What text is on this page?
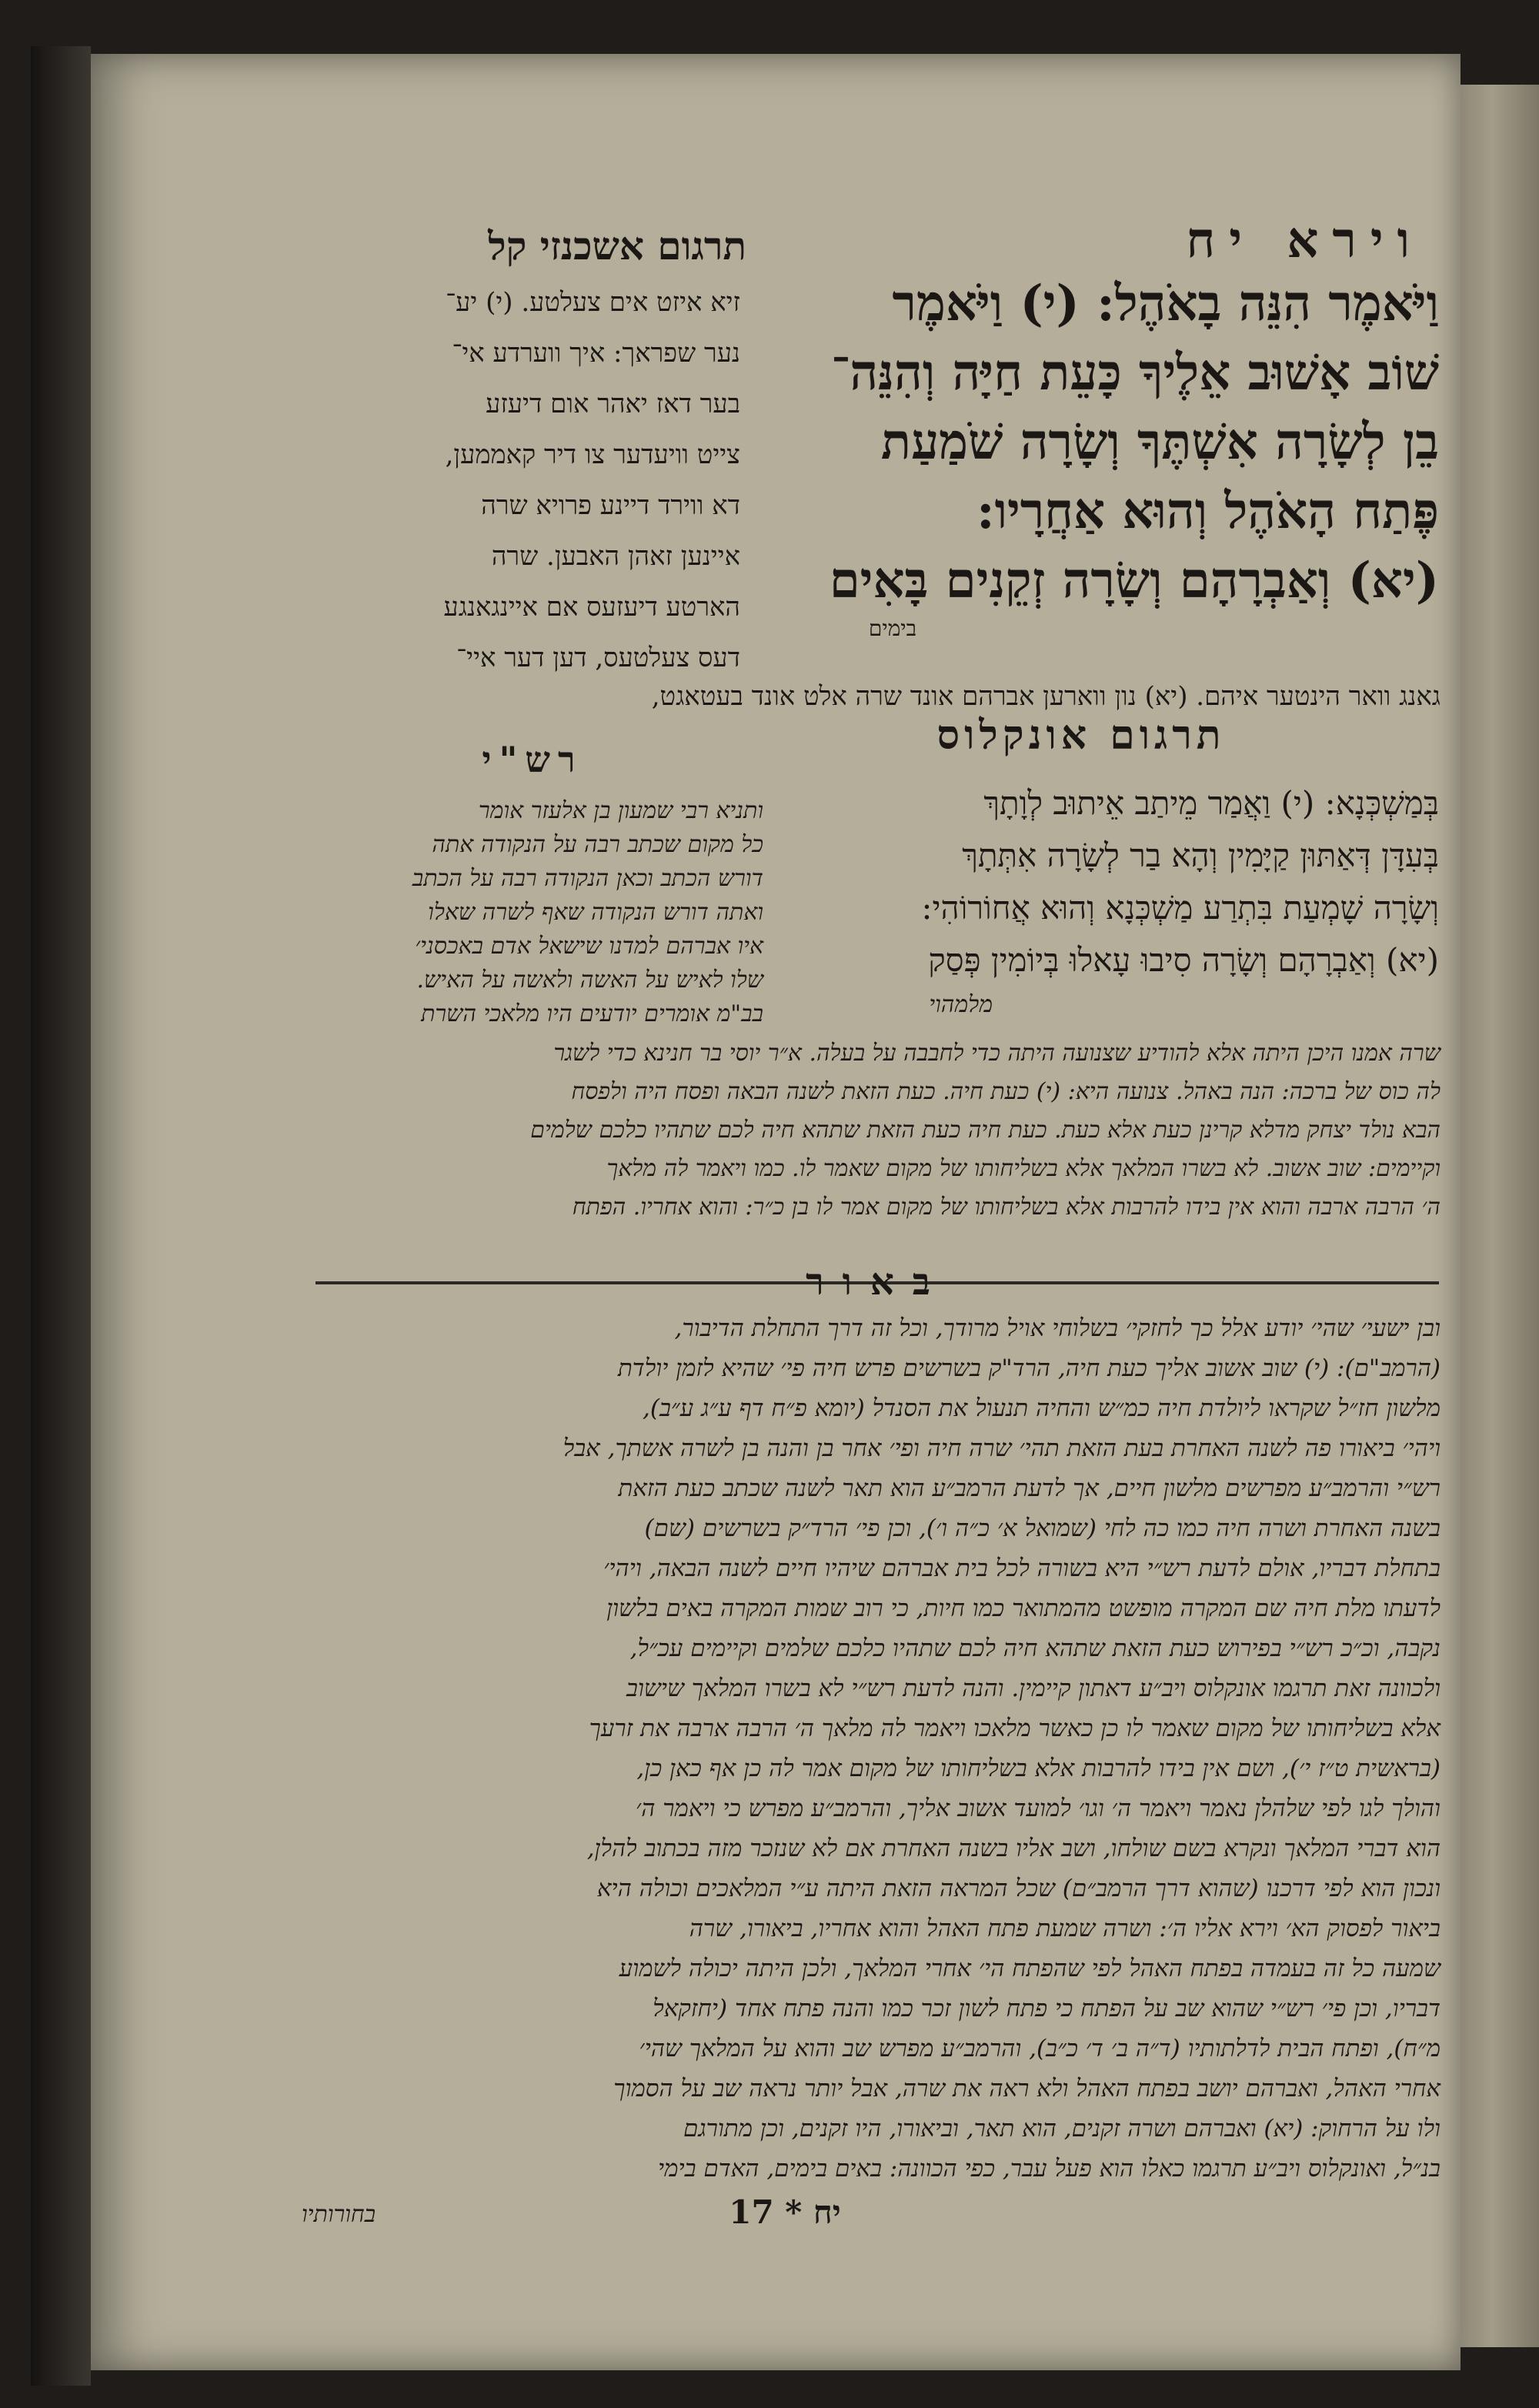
וירא יח
תרגום אשכנזי קל
וַיֹּאמֶר הִנֵּה בָאֹהֶל: (י) וַיֹּאמֶר
שׁוֹב אָשׁוּב אֵלֶיךָ כָּעֵת חַיָּה וְהִנֵּה־
בֵן לְשָׂרָה אִשְׁתֶּךָ וְשָׂרָה שֹׁמַעַת
פֶּתַח הָאֹהֶל וְהוּא אַחֲרָיו:
(יא) וְאַבְרָהָם וְשָׂרָה זְקֵנִים בָּאִים
בימים
זיא איזט אים צעלטע. (י) יע־
נער שפראך: איך ווערדע אי־
בער דאז יאהר אום דיעזע
צייט וויעדער צו דיר קאממען,
דא ווירד דיינע פרויא שרה
איינען זאהן האבען. שרה
הארטע דיעזעס אם איינגאנגע
דעס צעלטעס, דען דער איי־
גאנג וואר הינטער איהם. (יא) נון ווארען אברהם אונד שרה אלט אונד בעטאגט,
תרגום אונקלוס
בְּמַשְׁכְּנָא: (י) וַאֲמַר מֵיתַב אֵיתוּב לְוָתָךְ
בְּעִדָּן דְּאַתּוּן קַיָּמִין וְהָא בַר לְשָׂרָה אִתְּתָךְ
וְשָׂרָה שָׁמְעַת בִּתְרַע מַשְׁכְּנָא וְהוּא אֲחוֹרוֹהִי:
(יא) וְאַבְרָהָם וְשָׂרָה סִיבוּ עָאלוּ בְּיוֹמִין פְּסַק
מלמהוי
רש"י
ותניא רבי שמעון בן אלעזר אומר
כל מקום שכתב רבה על הנקודה אתה
דורש הכתב וכאן הנקודה רבה על הכתב
ואתה דורש הנקודה שאף לשרה שאלו
איו אברהם למדנו שישאל אדם באכסני׳
שלו לאיש על האשה ולאשה על האיש.
בב"מ אומרים יודעים היו מלאכי השרת
שרה אמנו היכן היתה אלא להודיע שצנועה היתה כדי לחבבה על בעלה. א״ר יוסי בר חנינא כדי לשגר
לה כוס של ברכה: הנה באהל. צנועה היא: (י) כעת חיה. כעת הזאת לשנה הבאה ופסח היה ולפסח
הבא נולד יצחק מדלא קרינן כעת אלא כעת. כעת חיה כעת הזאת שתהא חיה לכם שתהיו כלכם שלמים
וקיימים: שוב אשוב. לא בשרו המלאך אלא בשליחותו של מקום שאמר לו. כמו ויאמר לה מלאך
ה׳ הרבה ארבה והוא אין בידו להרבות אלא בשליחותו של מקום אמר לו בן כ״ר: והוא אחריו. הפתח
באור
ובן ישעי׳ שהי׳ יודע אלל כך לחזקי׳ בשלוחי אויל מרודך, וכל זה דרך התחלת הדיבור,
(הרמב"ם): (י) שוב אשוב אליך כעת חיה, הרד"ק בשרשים פרש חיה פי׳ שהיא לזמן יולדת
מלשון חז״ל שקראו ליולדת חיה כמ״ש והחיה תנעול את הסנדל (יומא פ״ח דף ע״ג ע״ב),
ויהי׳ ביאורו פה לשנה האחרת בעת הזאת תהי׳ שרה חיה ופי׳ אחר בן והנה בן לשרה אשתך, אבל
רש״י והרמב״ע מפרשים מלשון חיים, אך לדעת הרמב״ע הוא תאר לשנה שכתב כעת הזאת
בשנה האחרת ושרה חיה כמו כה לחי (שמואל א׳ כ״ה ו׳), וכן פי׳ הרד״ק בשרשים (שם)
בתחלת דבריו, אולם לדעת רש״י היא בשורה לכל בית אברהם שיהיו חיים לשנה הבאה, ויהי׳
לדעתו מלת חיה שם המקרה מופשט מהמתואר כמו חיות, כי רוב שמות המקרה באים בלשון
נקבה, וכ״כ רש״י בפירוש כעת הזאת שתהא חיה לכם שתהיו כלכם שלמים וקיימים עכ״ל,
ולכוונה זאת תרגמו אונקלוס ויב״ע דאתון קיימין. והנה לדעת רש״י לא בשרו המלאך שישוב
אלא בשליחותו של מקום שאמר לו כן כאשר מלאכו ויאמר לה מלאך ה׳ הרבה ארבה את זרעך
(בראשית ט״ז י׳), ושם אין בידו להרבות אלא בשליחותו של מקום אמר לה כן אף כאן כן,
והולך לגו לפי שלהלן נאמר ויאמר ה׳ וגו׳ למועד אשוב אליך, והרמב״ע מפרש כי ויאמר ה׳
הוא דברי המלאך ונקרא בשם שולחו, ושב אליו בשנה האחרת אם לא שנזכר מזה בכתוב להלן,
ונכון הוא לפי דרכנו (שהוא דרך הרמב״ם) שכל המראה הזאת היתה ע״י המלאכים וכולה היא
ביאור לפסוק הא׳ וירא אליו ה׳: ושרה שמעת פתח האהל והוא אחריו, ביאורו, שרה
שמעה כל זה בעמדה בפתח האהל לפי שהפתח הי׳ אחרי המלאך, ולכן היתה יכולה לשמוע
דבריו, וכן פי׳ רש״י שהוא שב על הפתח כי פתח לשון זכר כמו והנה פתח אחד (יחזקאל
מ״ח), ופתח הבית לדלתותיו (ד״ה ב׳ ד׳ כ״ב), והרמב״ע מפרש שב והוא על המלאך שהי׳
אחרי האהל, ואברהם יושב בפתח האהל ולא ראה את שרה, אבל יותר נראה שב על הסמוך
ולו על הרחוק: (יא) ואברהם ושרה זקנים, הוא תאר, וביאורו, היו זקנים, וכן מתורגם
בנ״ל, ואונקלוס ויב״ע תרגמו כאלו הוא פעל עבר, כפי הכוונה: באים בימים, האדם בימי
יח * 17
בחורותיו
